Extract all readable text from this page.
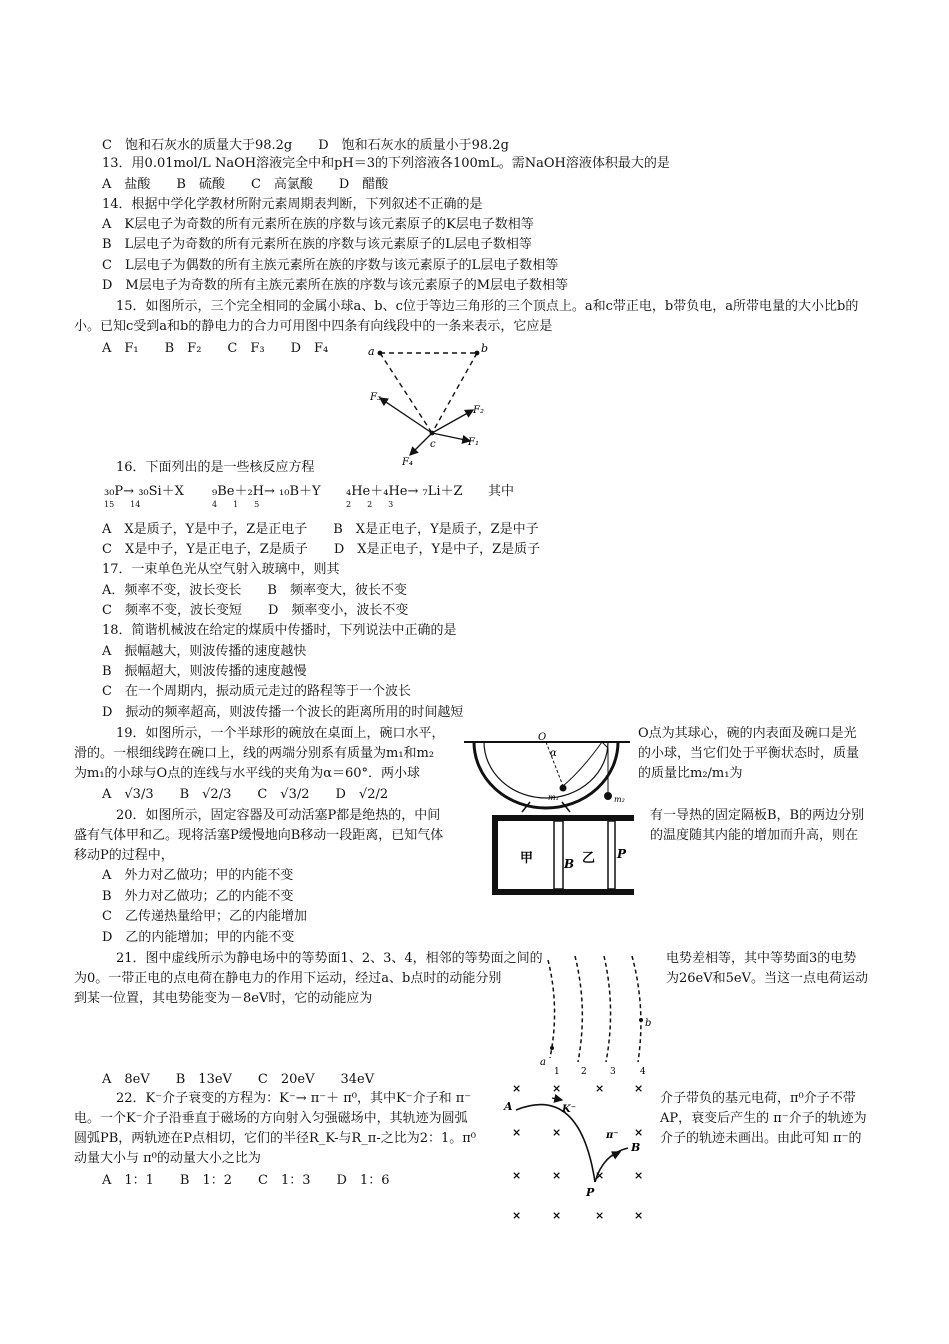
C　饱和石灰水的质量大于98.2g　　D　饱和石灰水的质量小于98.2g
13．用0.01mol/L NaOH溶液完全中和pH＝3的下列溶液各100mL。需NaOH溶液体积最大的是
A　盐酸　　B　硫酸　　C　高氯酸　　D　醋酸
14．根据中学化学教材所附元素周期表判断，下列叙述不正确的是
A　K层电子为奇数的所有元素所在族的序数与该元素原子的K层电子数相等
B　L层电子为奇数的所有元素所在族的序数与该元素原子的L层电子数相等
C　L层电子为偶数的所有主族元素所在族的序数与该元素原子的L层电子数相等
D　M层电子为奇数的所有主族元素所在族的序数与该元素原子的M层电子数相等
15．如图所示，三个完全相同的金属小球a、b、c位于等边三角形的三个顶点上。a和c带正电，b带负电，a所带电量的大小比b的
小。已知c受到a和b的静电力的合力可用图中四条有向线段中的一条来表示，它应是
A　F₁　　B　F₂　　C　F₃　　D　F₄	a	b
c
F₃
F₂
F₁
F₄
16．下面列出的是一些核反应方程
₃₀P→ ₃₀Si＋X
15　　14
₉Be＋₂H→ ₁₀B＋Y
4　　1　　5
₄He＋₄He→ ₇Li＋Z
2　　2　　3
其中
A　X是质子，Y是中子，Z是正电子　　B　X是正电子，Y是质子，Z是中子
C　X是中子，Y是正电子，Z是质子　　D　X是正电子，Y是中子，Z是质子
17．一束单色光从空气射入玻璃中，则其
A．频率不变，波长变长　　B　频率变大，彼长不变
C　频率不变，波长变短　　D　频率变小，波长不变
18．简谐机械波在给定的煤质中传播时，下列说法中正确的是
A　振幅越大，则波传播的速度越快
B　振幅超大，则波传播的速度越慢
C　在一个周期内，振动质元走过的路程等于一个波长
D　振动的频率超高，则波传播一个波长的距离所用的时间越短
19．如图所示，一个半球形的碗放在桌面上，碗口水平，	O点为其球心，碗的内表面及碗口是光
滑的。一根细线跨在碗口上，线的两端分别系有质量为m₁和m₂	的小球，当它们处于平衡状态时，质量
为m₁的小球与O点的连线与水平线的夹角为α＝60°．两小球	的质量比m₂/m₁为
A　√3/3　　B　√2/3　　C　√3/2　　D　√2/2
O
α
m₁	m₂
20．如图所示，固定容器及可动活塞P都是绝热的，中间	有一导热的固定隔板B，B的两边分别
盛有气体甲和乙。现将活塞P缓慢地向B移动一段距离，已知气体	的温度随其内能的增加而升高，则在
移动P的过程中，
A　外力对乙做功；甲的内能不变
B　外力对乙做功；乙的内能不变
C　乙传递热量给甲；乙的内能增加
D　乙的内能增加；甲的内能不变
甲	B 乙 P
21．图中虚线所示为静电场中的等势面1、2、3、4，相邻的等势面之间的	电势差相等，其中等势面3的电势
为0。一带正电的点电荷在静电力的作用下运动，经过a、b点时的动能分别	为26eV和5eV。当这一点电荷运动
到某一位置，其电势能变为－8eV时，它的动能应为
A　8eV　　B　13eV　　C　20eV　　34eV
a
b
1 2	3	4
22．K⁻介子衰变的方程为：K⁻→ π⁻＋ π⁰，其中K⁻介子和 π⁻	介子带负的基元电荷，π⁰介子不带
电。一个K⁻介子沿垂直于磁场的方向射入匀强磁场中，其轨迹为圆弧	AP，衰变后产生的 π⁻介子的轨迹为
圆弧PB，两轨迹在P点相切，它们的半径R_K-与R_π-之比为2：1。π⁰	介子的轨迹未画出。由此可知 π⁻的
动量大小与 π⁰的动量大小之比为
A　1：1　　B　1：2　　C　1：3　　D　1：6
×	×	×	×
×	×	×
×	×	×	×
×	×	×	×
A	K⁻
π⁻
B
P
